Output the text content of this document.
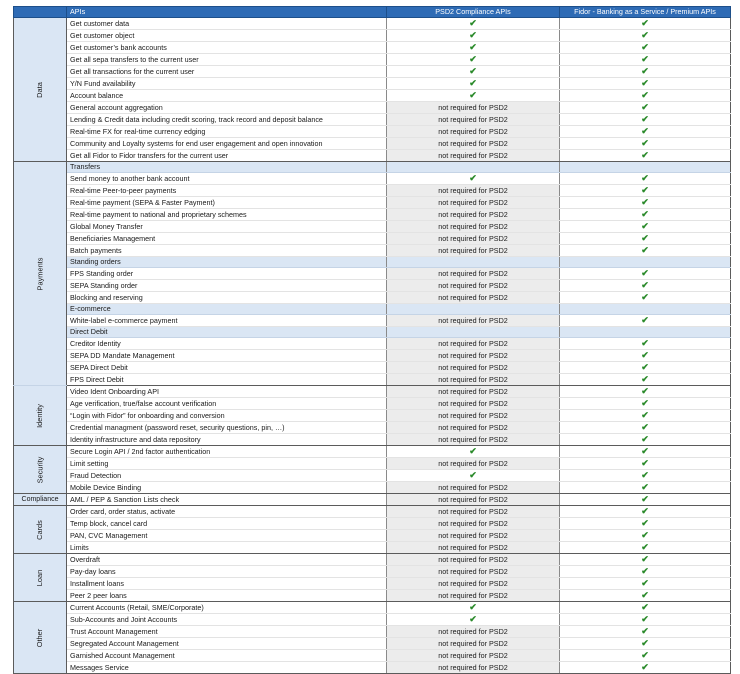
	APIs	PSD2 Compliance APIs	Fidor - Banking as a Service / Premium APIs
Data	Get customer data	✔	✔
	Get customer object	✔	✔
	Get customer’s bank accounts	✔	✔
	Get all sepa transfers to the current user	✔	✔
	Get all transactions for the current user	✔	✔
	Y/N Fund availability	✔	✔
	Account balance	✔	✔
	General account aggregation	not required for PSD2	✔
	Lending & Credit data including credit scoring, track record and deposit balance	not required for PSD2	✔
	Real-time FX for real-time currency edging	not required for PSD2	✔
	Community and Loyalty systems for end user engagement and open innovation	not required for PSD2	✔
	Get all Fidor to Fidor transfers for the current user	not required for PSD2	✔
Payments	Transfers		
	Send money to another bank account	✔	✔
	Real-time Peer-to-peer payments	not required for PSD2	✔
	Real-time payment (SEPA & Faster Payment)	not required for PSD2	✔
	Real-time payment to national and proprietary schemes	not required for PSD2	✔
	Global Money Transfer	not required for PSD2	✔
	Beneficiaries Management	not required for PSD2	✔
	Batch payments	not required for PSD2	✔
	Standing orders		
	FPS Standing order	not required for PSD2	✔
	SEPA Standing order	not required for PSD2	✔
	Blocking and reserving	not required for PSD2	✔
	E-commerce		
	White-label e-commerce payment	not required for PSD2	✔
	Direct Debit		
	Creditor Identity	not required for PSD2	✔
	SEPA DD Mandate Management	not required for PSD2	✔
	SEPA Direct Debit	not required for PSD2	✔
	FPS Direct Debit	not required for PSD2	✔
Identity	Video Ident Onboarding API	not required for PSD2	✔
	Age verification, true/false account verification	not required for PSD2	✔
	“Login with Fidor” for onboarding and conversion	not required for PSD2	✔
	Credential managment (password reset, security questions, pin, …)	not required for PSD2	✔
	Identity infrastructure and data repository	not required for PSD2	✔
Security	Secure Login API / 2nd factor authentication	✔	✔
	Limit setting	not required for PSD2	✔
	Fraud Detection	✔	✔
	Mobile Device Binding	not required for PSD2	✔
Compliance	AML / PEP & Sanction Lists check	not required for PSD2	✔
Cards	Order card, order status, activate	not required for PSD2	✔
	Temp block, cancel card	not required for PSD2	✔
	PAN, CVC Management	not required for PSD2	✔
	Limits	not required for PSD2	✔
Loan	Overdraft	not required for PSD2	✔
	Pay-day loans	not required for PSD2	✔
	Installment loans	not required for PSD2	✔
	Peer 2 peer loans	not required for PSD2	✔
Other	Current Accounts (Retail, SME/Corporate)	✔	✔
	Sub-Accounts and Joint Accounts	✔	✔
	Trust Account Management	not required for PSD2	✔
	Segregated Account Management	not required for PSD2	✔
	Garnished Account Management	not required for PSD2	✔
	Messages Service	not required for PSD2	✔
